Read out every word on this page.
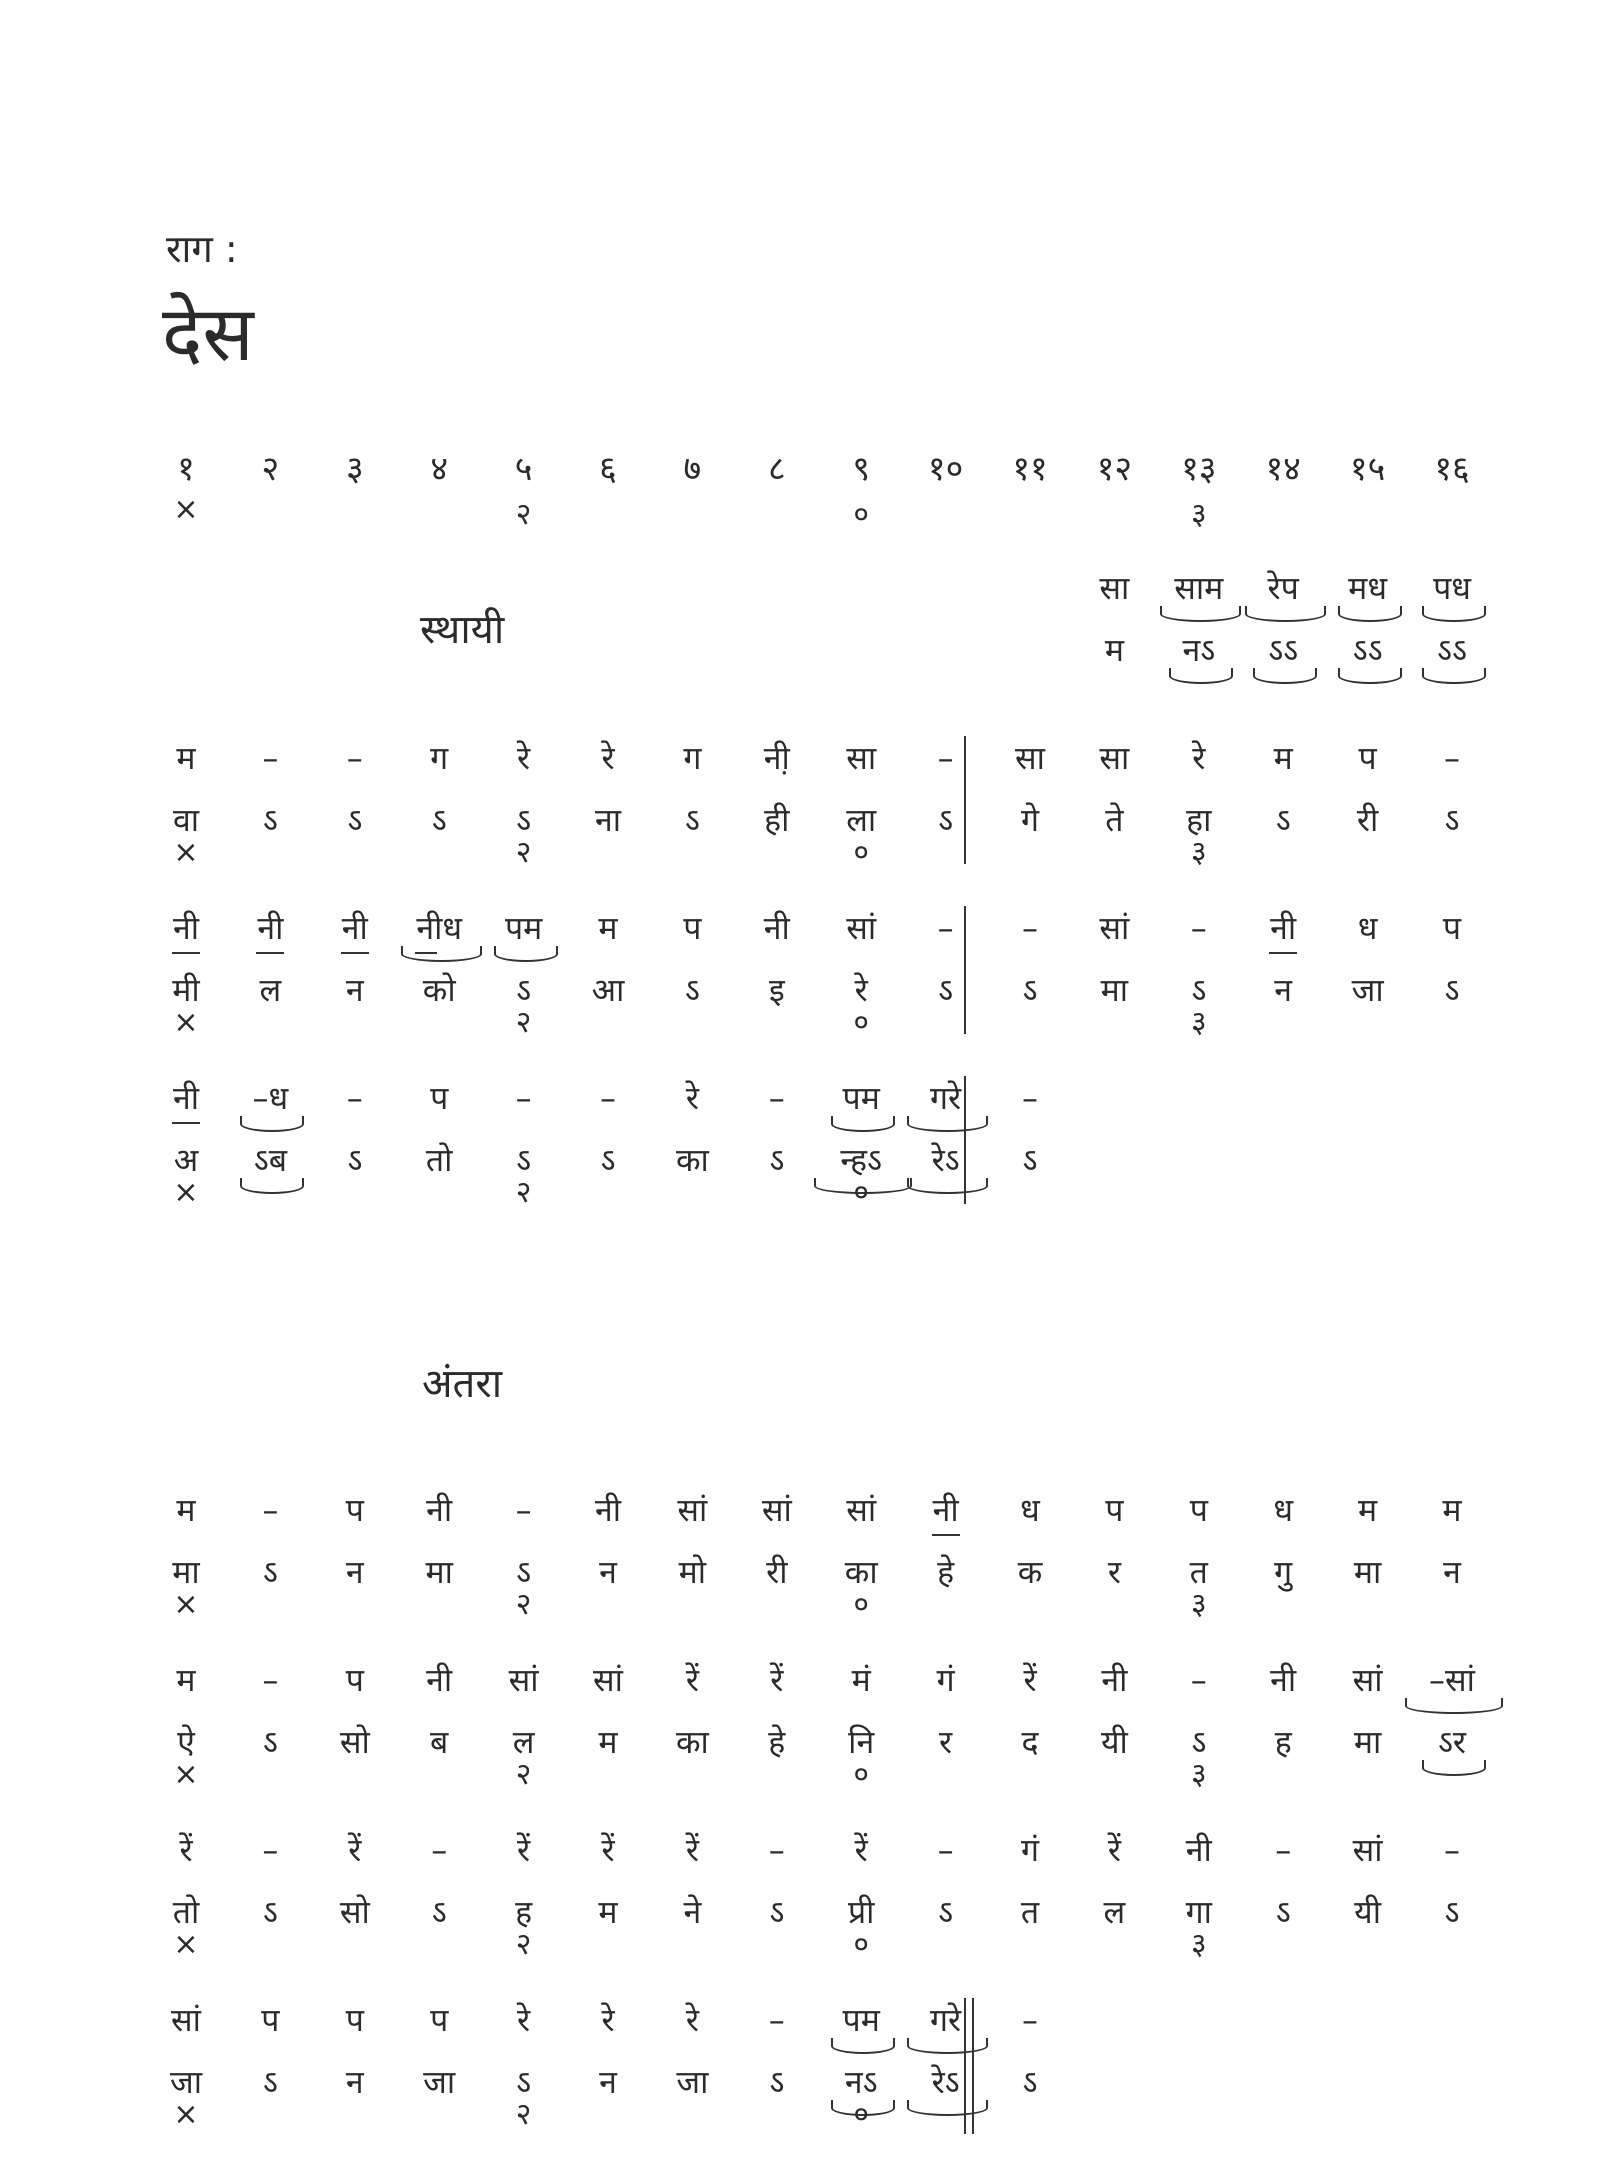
राग :
देस
१ २ ३ ४ ५ ६ ७ ८ ९ १० ११ १२ १३ १४ १५ १६
×	२	०	३
स्थायी
सा साम रेप मध पध
म नऽ ऽऽ ऽऽ ऽऽ
म – – ग रे रे ग नी̣ सा – सा सा रे म प –
वा ऽ ऽ ऽ ऽ ना ऽ ही ला ऽ गे ते हा ऽ री ऽ
×	२	०	३
नी नी नी नीध पम म प नी सां – – सां – नी ध प
मी ल न को ऽ आ ऽ इ रे ऽ ऽ मा ऽ न जा ऽ
×	२	०	३
नी –ध – प – – रे – पम गरे –
अ ऽब ऽ तो ऽ ऽ का ऽ न्हऽ रेऽ ऽ
×	२	०
अंतरा
म – प नी – नी सां सां सां नी ध प प ध म म
मा ऽ न मा ऽ न मो री का हे क र त गु मा न
×	२	०	३
म – प नी सां सां रें रें मं गं रें नी – नी सां –सां
ऐ ऽ सो ब ल म का हे नि र द यी ऽ ह मा ऽर
×	२	०	३
रें – रें – रें रें रें – रें – गं रें नी – सां –
तो ऽ सो ऽ ह म ने ऽ प्री ऽ त ल गा ऽ यी ऽ
×	२	०	३
सां प प प रे रे रे – पम गरे –
जा ऽ न जा ऽ न जा ऽ नऽ रेऽ ऽ
×	२	०
